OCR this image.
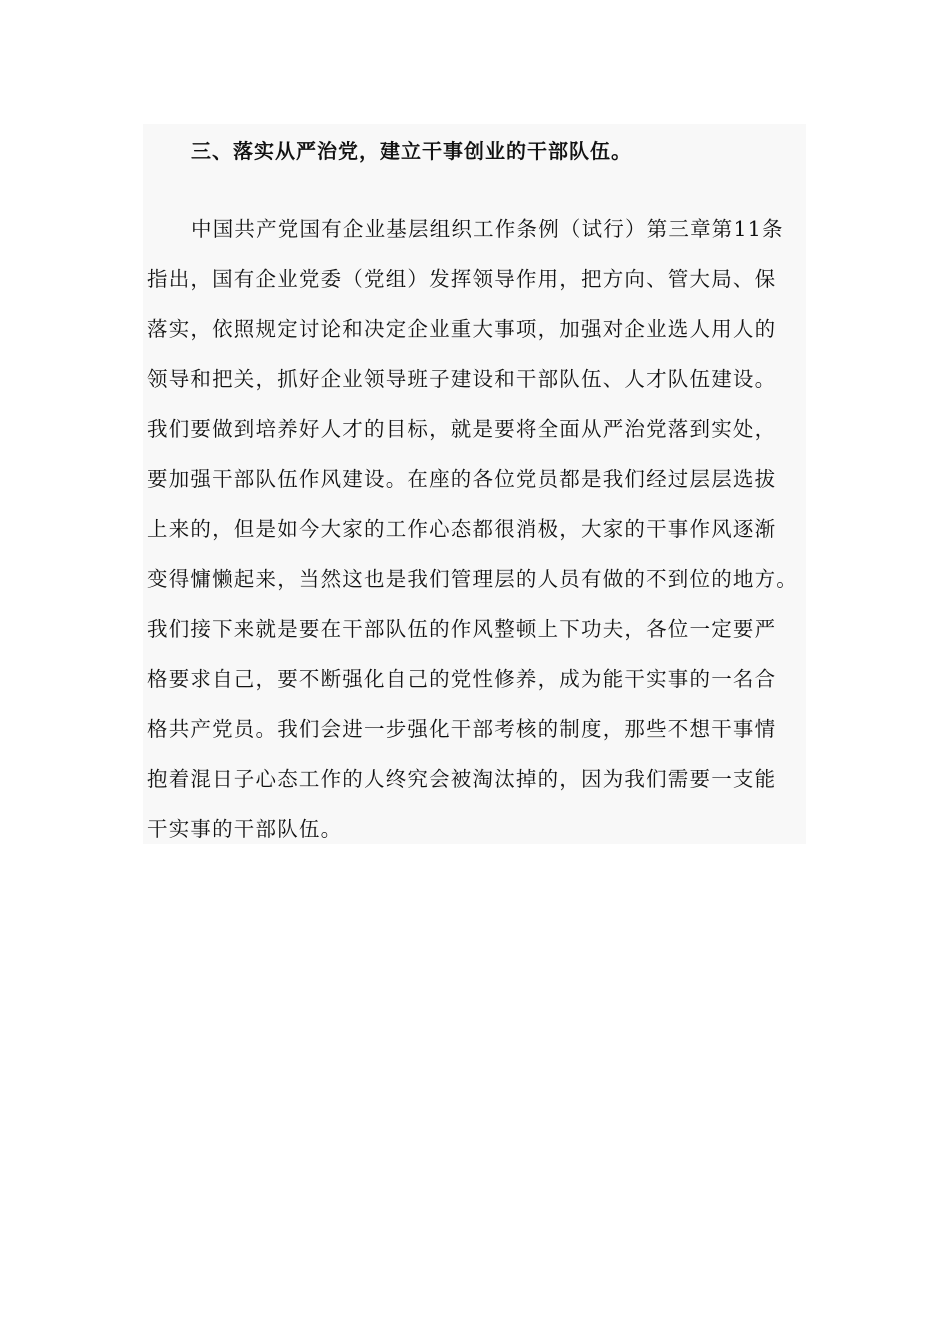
三、落实从严治党，建立干事创业的干部队伍。

中国共产党国有企业基层组织工作条例（试行）第三章第11条
指出，国有企业党委（党组）发挥领导作用，把方向、管大局、保
落实，依照规定讨论和决定企业重大事项，加强对企业选人用人的
领导和把关，抓好企业领导班子建设和干部队伍、人才队伍建设。
我们要做到培养好人才的目标，就是要将全面从严治党落到实处，
要加强干部队伍作风建设。在座的各位党员都是我们经过层层选拔
上来的，但是如今大家的工作心态都很消极，大家的干事作风逐渐
变得慵懒起来，当然这也是我们管理层的人员有做的不到位的地方。
我们接下来就是要在干部队伍的作风整顿上下功夫，各位一定要严
格要求自己，要不断强化自己的党性修养，成为能干实事的一名合
格共产党员。我们会进一步强化干部考核的制度，那些不想干事情
抱着混日子心态工作的人终究会被淘汰掉的，因为我们需要一支能
干实事的干部队伍。
